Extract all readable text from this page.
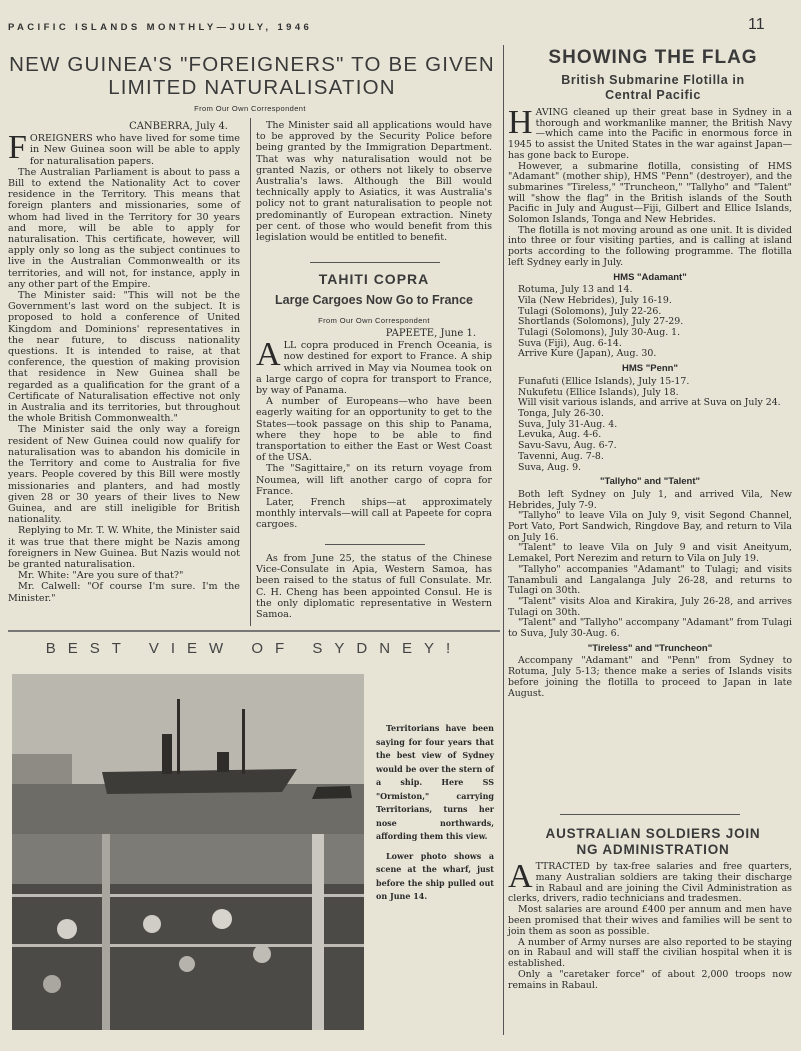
PACIFIC ISLANDS MONTHLY—JULY, 1946	11
NEW GUINEA'S "FOREIGNERS" TO BE GIVEN
LIMITED NATURALISATION
From Our Own Correspondent
CANBERRA, July 4.

FOREIGNERS who have lived for some time in New Guinea soon will be able to apply for naturalisation papers.

The Australian Parliament is about to pass a Bill to extend the Nationality Act to cover residence in the Territory. This means that foreign planters and missionaries, some of whom had lived in the Territory for 30 years and more, will be able to apply for naturalisation. This certificate, however, will apply only so long as the subject continues to live in the Australian Commonwealth or its territories, and will not, for instance, apply in any other part of the Empire.

The Minister said: "This will not be the Government's last word on the subject. It is proposed to hold a conference of United Kingdom and Dominions' representatives in the near future, to discuss nationality questions. It is intended to raise, at that conference, the question of making provision that residence in New Guinea shall be regarded as a qualification for the grant of a Certificate of Naturalisation effective not only in Australia and its territories, but throughout the whole British Commonwealth."

The Minister said the only way a foreign resident of New Guinea could now qualify for naturalisation was to abandon his domicile in the Territory and come to Australia for five years. People covered by this Bill were mostly missionaries and planters, and had mostly given 28 or 30 years of their lives to New Guinea, and are still ineligible for British nationality.

Replying to Mr. T. W. White, the Minister said it was true that there might be Nazis among foreigners in New Guinea. But Nazis would not be granted naturalisation.

Mr. White: "Are you sure of that?"

Mr. Calwell: "Of course I'm sure. I'm the Minister."

The Minister said all applications would have to be approved by the Security Police before being granted by the Immigration Department. That was why naturalisation would not be granted Nazis, or others not likely to observe Australia's laws. Although the Bill would technically apply to Asiatics, it was Australia's policy not to grant naturalisation to people not predominantly of European extraction. Ninety per cent. of those who would benefit from this legislation would be entitled to benefit.

TAHITI COPRA
Large Cargoes Now Go to France
From Our Own Correspondent
PAPEETE, June 1.

ALL copra produced in French Oceania, is now destined for export to France. A ship which arrived in May via Noumea took on a large cargo of copra for transport to France, by way of Panama.

A number of Europeans—who have been eagerly waiting for an opportunity to get to the States—took passage on this ship to Panama, where they hope to be able to find transportation to either the East or West Coast of the USA.

The "Sagittaire," on its return voyage from Noumea, will lift another cargo of copra for France.

Later, French ships—at approximately monthly intervals—will call at Papeete for copra cargoes.

As from June 25, the status of the Chinese Vice-Consulate in Apia, Western Samoa, has been raised to the status of full Consulate. Mr. C. H. Cheng has been appointed Consul. He is the only diplomatic representative in Western Samoa.

BEST VIEW OF SYDNEY!

Territorians have been saying for four years that the best view of Sydney would be over the stern of a ship. Here SS "Ormiston," carrying Territorians, turns her nose northwards, affording them this view.

Lower photo shows a scene at the wharf, just before the ship pulled out on June 14.

SHOWING THE FLAG
British Submarine Flotilla in
Central Pacific

HAVING cleaned up their great base in Sydney in a thorough and workmanlike manner, the British Navy—which came into the Pacific in enormous force in 1945 to assist the United States in the war against Japan—has gone back to Europe.

However, a submarine flotilla, consisting of HMS "Adamant" (mother ship), HMS "Penn" (destroyer), and the submarines "Tireless," "Truncheon," "Tallyho" and "Talent" will "show the flag" in the British islands of the South Pacific in July and August—Fiji, Gilbert and Ellice Islands, Solomon Islands, Tonga and New Hebrides.

The flotilla is not moving around as one unit. It is divided into three or four visiting parties, and is calling at island ports according to the following programme. The flotilla left Sydney early in July.

HMS "Adamant"

Rotuma, July 13 and 14.

Vila (New Hebrides), July 16-19.

Tulagi (Solomons), July 22-26.

Shortlands (Solomons), July 27-29.

Tulagi (Solomons), July 30-Aug. 1.

Suva (Fiji), Aug. 6-14.

Arrive Kure (Japan), Aug. 30.

HMS "Penn"

Funafuti (Ellice Islands), July 15-17.

Nukufetu (Ellice Islands), July 18.

Will visit various islands, and arrive at Suva on July 24.

Tonga, July 26-30.

Suva, July 31-Aug. 4.

Levuka, Aug. 4-6.

Savu-Savu, Aug. 6-7.

Tavenni, Aug. 7-8.

Suva, Aug. 9.

"Tallyho" and "Talent"

Both left Sydney on July 1, and arrived Vila, New Hebrides, July 7-9.

"Tallyho" to leave Vila on July 9, visit Segond Channel, Port Vato, Port Sandwich, Ringdove Bay, and return to Vila on July 16.

"Talent" to leave Vila on July 9 and visit Aneityum, Lemakel, Port Nerezim and return to Vila on July 19.

"Tallyho" accompanies "Adamant" to Tulagi; and visits Tanambuli and Langalanga July 26-28, and returns to Tulagi on 30th.

"Talent" visits Aloa and Kirakira, July 26-28, and arrives Tulagi on 30th.

"Talent" and "Tallyho" accompany "Adamant" from Tulagi to Suva, July 30-Aug. 6.

"Tireless" and "Truncheon"

Accompany "Adamant" and "Penn" from Sydney to Rotuma, July 5-13; thence make a series of Islands visits before joining the flotilla to proceed to Japan in late August.

AUSTRALIAN SOLDIERS JOIN
NG ADMINISTRATION

ATTRACTED by tax-free salaries and free quarters, many Australian soldiers are taking their discharge in Rabaul and are joining the Civil Administration as clerks, drivers, radio technicians and tradesmen.

Most salaries are around £400 per annum and men have been promised that their wives and families will be sent to join them as soon as possible.

A number of Army nurses are also reported to be staying on in Rabaul and will staff the civilian hospital when it is established.

Only a "caretaker force" of about 2,000 troops now remains in Rabaul.
